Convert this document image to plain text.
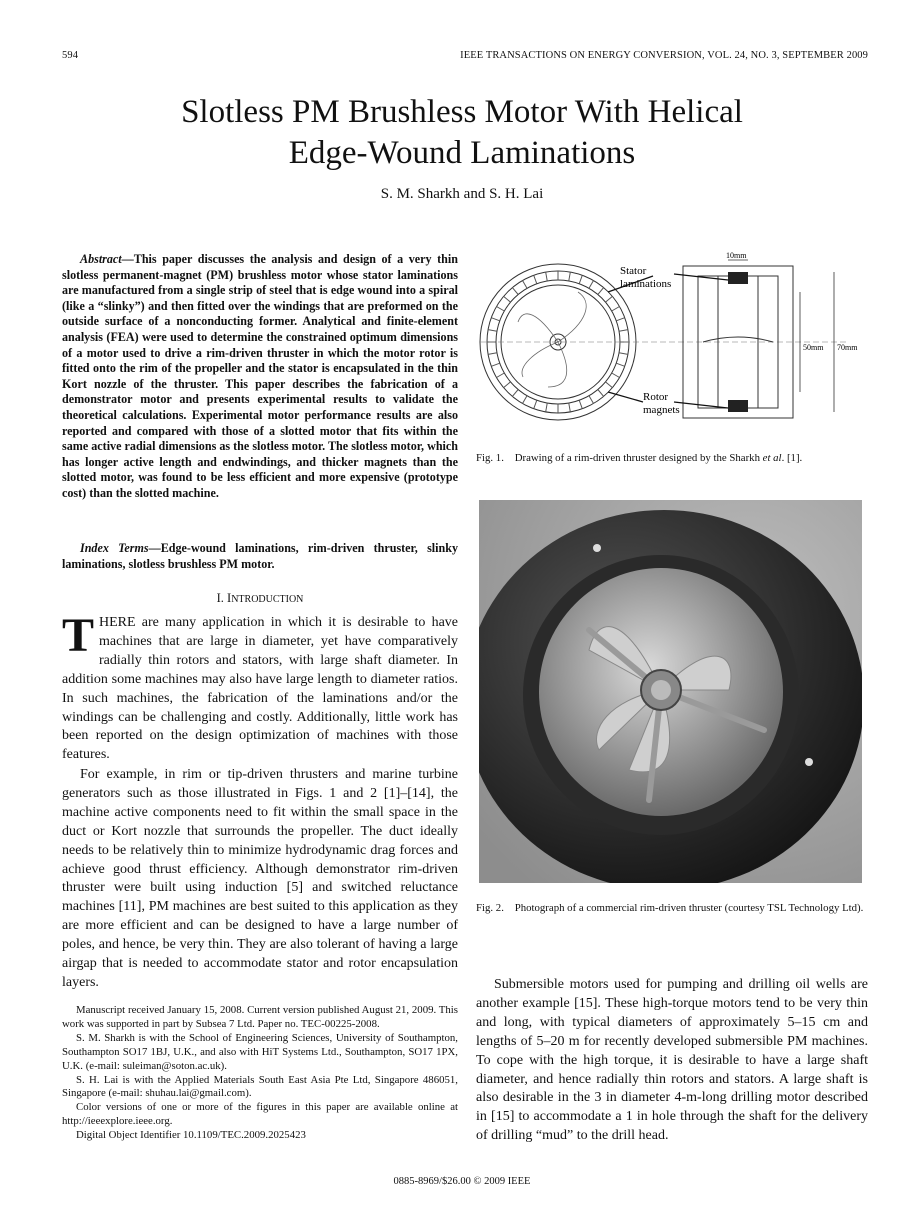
594	IEEE TRANSACTIONS ON ENERGY CONVERSION, VOL. 24, NO. 3, SEPTEMBER 2009
Slotless PM Brushless Motor With Helical
Edge-Wound Laminations
S. M. Sharkh and S. H. Lai

Abstract—This paper discusses the analysis and design of a very thin slotless permanent-magnet (PM) brushless motor whose stator laminations are manufactured from a single strip of steel that is edge wound into a spiral (like a “slinky”) and then fitted over the windings that are preformed on the outside surface of a nonconducting former. Analytical and finite-element analysis (FEA) were used to determine the constrained optimum dimensions of a motor used to drive a rim-driven thruster in which the motor rotor is fitted onto the rim of the propeller and the stator is encapsulated in the thin Kort nozzle of the thruster. This paper describes the fabrication of a demonstrator motor and presents experimental results to validate the theoretical calculations. Experimental motor performance results are also reported and compared with those of a slotted motor that fits within the same active radial dimensions as the slotless motor. The slotless motor, which has longer active length and endwindings, and thicker magnets than the slotted motor, was found to be less efficient and more expensive (prototype cost) than the slotted machine.

Index Terms—Edge-wound laminations, rim-driven thruster, slinky laminations, slotless brushless PM motor.

I. INTRODUCTION

THERE are many application in which it is desirable to have machines that are large in diameter, yet have comparatively radially thin rotors and stators, with large shaft diameter. In addition some machines may also have large length to diameter ratios. In such machines, the fabrication of the laminations and/or the windings can be challenging and costly. Additionally, little work has been reported on the design optimization of machines with those features.

For example, in rim or tip-driven thrusters and marine turbine generators such as those illustrated in Figs. 1 and 2 [1]–[14], the machine active components need to fit within the small space in the duct or Kort nozzle that surrounds the propeller. The duct ideally needs to be relatively thin to minimize hydrodynamic drag forces and achieve good thrust efficiency. Although demonstrator rim-driven thruster were built using induction [5] and switched reluctance machines [11], PM machines are best suited to this application as they are more efficient and can be designed to have a large number of poles, and hence, be very thin. They are also tolerant of having a large airgap that is needed to accommodate stator and rotor encapsulation layers.

Manuscript received January 15, 2008. Current version published August 21, 2009. This work was supported in part by Subsea 7 Ltd. Paper no. TEC-00225-2008.

S. M. Sharkh is with the School of Engineering Sciences, University of Southampton, Southampton SO17 1BJ, U.K., and also with HiT Systems Ltd., Southampton, SO17 1PX, U.K. (e-mail: suleiman@soton.ac.uk).

S. H. Lai is with the Applied Materials South East Asia Pte Ltd, Singapore 486051, Singapore (e-mail: shuhau.lai@gmail.com).

Color versions of one or more of the figures in this paper are available online at http://ieeexplore.ieee.org.

Digital Object Identifier 10.1109/TEC.2009.2025423

Stator
laminations
Rotor
magnets
10mm
50mm 70mm

Fig. 1. Drawing of a rim-driven thruster designed by the Sharkh et al. [1].

Fig. 2. Photograph of a commercial rim-driven thruster (courtesy TSL Technology Ltd).

Submersible motors used for pumping and drilling oil wells are another example [15]. These high-torque motors tend to be very thin and long, with typical diameters of approximately 5–15 cm and lengths of 5–20 m for recently developed submersible PM machines. To cope with the high torque, it is desirable to have a large shaft diameter, and hence radially thin rotors and stators. A large shaft is also desirable in the 3 in diameter 4-m-long drilling motor described in [15] to accommodate a 1 in hole through the shaft for the delivery of drilling “mud” to the drill head.

0885-8969/$26.00 © 2009 IEEE
